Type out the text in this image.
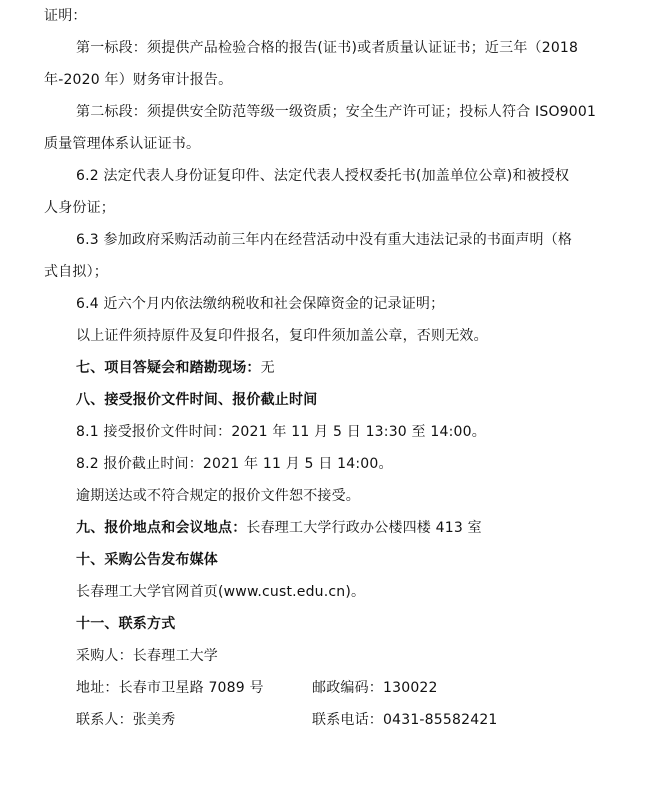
证明：
第一标段：须提供产品检验合格的报告(证书)或者质量认证证书；近三年（2018
年-2020 年）财务审计报告。
第二标段：须提供安全防范等级一级资质；安全生产许可证；投标人符合 ISO9001
质量管理体系认证证书。
6.2 法定代表人身份证复印件、法定代表人授权委托书(加盖单位公章)和被授权
人身份证；
6.3 参加政府采购活动前三年内在经营活动中没有重大违法记录的书面声明（格
式自拟）；
6.4 近六个月内依法缴纳税收和社会保障资金的记录证明；
以上证件须持原件及复印件报名，复印件须加盖公章，否则无效。
七、项目答疑会和踏勘现场：无
八、接受报价文件时间、报价截止时间
8.1 接受报价文件时间：2021 年 11 月 5 日 13:30 至 14:00。
8.2 报价截止时间：2021 年 11 月 5 日 14:00。
逾期送达或不符合规定的报价文件恕不接受。
九、报价地点和会议地点：长春理工大学行政办公楼四楼 413 室
十、采购公告发布媒体
长春理工大学官网首页(www.cust.edu.cn)。
十一、联系方式
采购人：长春理工大学
地址：长春市卫星路 7089 号	邮政编码：130022
联系人：张美秀	联系电话：0431-85582421
